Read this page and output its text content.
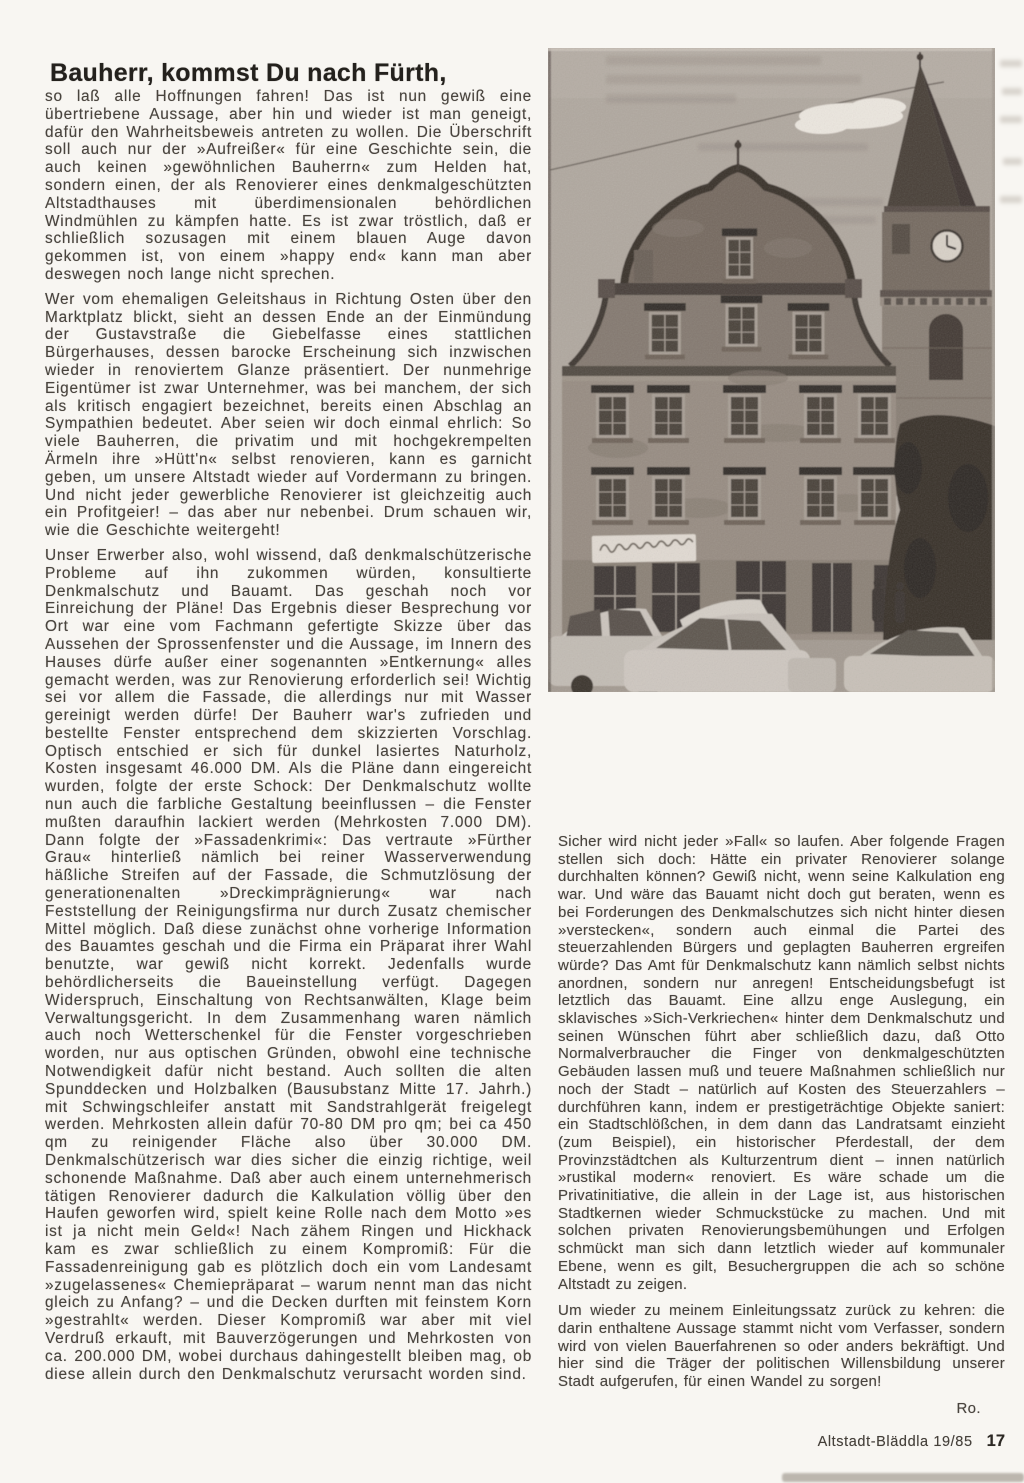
Bauherr, kommst Du nach Fürth,

so laß alle Hoffnungen fahren! Das ist nun gewiß eine übertriebene Aussage, aber hin und wieder ist man geneigt, dafür den Wahrheitsbeweis antreten zu wollen. Die Überschrift soll auch nur der »Aufreißer« für eine Geschichte sein, die auch keinen »gewöhnlichen Bauherrn« zum Helden hat, sondern einen, der als Renovierer eines denkmalgeschützten Altstadthauses mit überdimensionalen behördlichen Windmühlen zu kämpfen hatte. Es ist zwar tröstlich, daß er schließlich sozusagen mit einem blauen Auge davon gekommen ist, von einem »happy end« kann man aber deswegen noch lange nicht sprechen.

Wer vom ehemaligen Geleitshaus in Richtung Osten über den Marktplatz blickt, sieht an dessen Ende an der Einmündung der Gustavstraße die Giebelfasse eines stattlichen Bürgerhauses, dessen barocke Erscheinung sich inzwischen wieder in renoviertem Glanze präsentiert. Der nunmehrige Eigentümer ist zwar Unternehmer, was bei manchem, der sich als kritisch engagiert bezeichnet, bereits einen Abschlag an Sympathien bedeutet. Aber seien wir doch einmal ehrlich: So viele Bauherren, die privatim und mit hochgekrempelten Ärmeln ihre »Hütt'n« selbst renovieren, kann es garnicht geben, um unsere Altstadt wieder auf Vordermann zu bringen. Und nicht jeder gewerbliche Renovierer ist gleichzeitig auch ein Profitgeier! – das aber nur nebenbei. Drum schauen wir, wie die Geschichte weitergeht!

Unser Erwerber also, wohl wissend, daß denkmalschützerische Probleme auf ihn zukommen würden, konsultierte Denkmalschutz und Bauamt. Das geschah noch vor Einreichung der Pläne! Das Ergebnis dieser Besprechung vor Ort war eine vom Fachmann gefertigte Skizze über das Aussehen der Sprossenfenster und die Aussage, im Innern des Hauses dürfe außer einer sogenannten »Entkernung« alles gemacht werden, was zur Renovierung erforderlich sei! Wichtig sei vor allem die Fassade, die allerdings nur mit Wasser gereinigt werden dürfe! Der Bauherr war's zufrieden und bestellte Fenster entsprechend dem skizzierten Vorschlag. Optisch entschied er sich für dunkel lasiertes Naturholz, Kosten insgesamt 46.000 DM. Als die Pläne dann eingereicht wurden, folgte der erste Schock: Der Denkmalschutz wollte nun auch die farbliche Gestaltung beeinflussen – die Fenster mußten daraufhin lackiert werden (Mehrkosten 7.000 DM). Dann folgte der »Fassadenkrimi«: Das vertraute »Fürther Grau« hinterließ nämlich bei reiner Wasserverwendung häßliche Streifen auf der Fassade, die Schmutzlösung der generationenalten »Dreckimprägnierung« war nach Feststellung der Reinigungsfirma nur durch Zusatz chemischer Mittel möglich. Daß diese zunächst ohne vorherige Information des Bauamtes geschah und die Firma ein Präparat ihrer Wahl benutzte, war gewiß nicht korrekt. Jedenfalls wurde behördlicherseits die Baueinstellung verfügt. Dagegen Widerspruch, Einschaltung von Rechtsanwälten, Klage beim Verwaltungsgericht. In dem Zusammenhang waren nämlich auch noch Wetterschenkel für die Fenster vorgeschrieben worden, nur aus optischen Gründen, obwohl eine technische Notwendigkeit dafür nicht bestand. Auch sollten die alten Spunddecken und Holzbalken (Bausubstanz Mitte 17. Jahrh.) mit Schwingschleifer anstatt mit Sandstrahlgerät freigelegt werden. Mehrkosten allein dafür 70-80 DM pro qm; bei ca 450 qm zu reinigender Fläche also über 30.000 DM. Denkmalschützerisch war dies sicher die einzig richtige, weil schonende Maßnahme. Daß aber auch einem unternehmerisch tätigen Renovierer dadurch die Kalkulation völlig über den Haufen geworfen wird, spielt keine Rolle nach dem Motto »es ist ja nicht mein Geld«! Nach zähem Ringen und Hickhack kam es zwar schließlich zu einem Kompromiß: Für die Fassadenreinigung gab es plötzlich doch ein vom Landesamt »zugelassenes« Chemiepräparat – warum nennt man das nicht gleich zu Anfang? – und die Decken durften mit feinstem Korn »gestrahlt« werden. Dieser Kompromiß war aber mit viel Verdruß erkauft, mit Bauverzögerungen und Mehrkosten von ca. 200.000 DM, wobei durchaus dahingestellt bleiben mag, ob diese allein durch den Denkmalschutz verursacht worden sind.

Sicher wird nicht jeder »Fall« so laufen. Aber folgende Fragen stellen sich doch: Hätte ein privater Renovierer solange durchhalten können? Gewiß nicht, wenn seine Kalkulation eng war. Und wäre das Bauamt nicht doch gut beraten, wenn es bei Forderungen des Denkmalschutzes sich nicht hinter diesen »verstecken«, sondern auch einmal die Partei des steuerzahlenden Bürgers und geplagten Bauherren ergreifen würde? Das Amt für Denkmalschutz kann nämlich selbst nichts anordnen, sondern nur anregen! Entscheidungsbefugt ist letztlich das Bauamt. Eine allzu enge Auslegung, ein sklavisches »Sich-Verkriechen« hinter dem Denkmalschutz und seinen Wünschen führt aber schließlich dazu, daß Otto Normalverbraucher die Finger von denkmalgeschützten Gebäuden lassen muß und teuere Maßnahmen schließlich nur noch der Stadt – natürlich auf Kosten des Steuerzahlers – durchführen kann, indem er prestigeträchtige Objekte saniert: ein Stadtschlößchen, in dem dann das Landratsamt einzieht (zum Beispiel), ein historischer Pferdestall, der dem Provinzstädtchen als Kulturzentrum dient – innen natürlich »rustikal modern« renoviert. Es wäre schade um die Privatinitiative, die allein in der Lage ist, aus historischen Stadtkernen wieder Schmuckstücke zu machen. Und mit solchen privaten Renovierungsbemühungen und Erfolgen schmückt man sich dann letztlich wieder auf kommunaler Ebene, wenn es gilt, Besuchergruppen die ach so schöne Altstadt zu zeigen.

Um wieder zu meinem Einleitungssatz zurück zu kehren: die darin enthaltene Aussage stammt nicht vom Verfasser, sondern wird von vielen Bauerfahrenen so oder anders bekräftigt. Und hier sind die Träger der politischen Willensbildung unserer Stadt aufgerufen, für einen Wandel zu sorgen!

Ro.
Altstadt-Bläddla 19/85 17
